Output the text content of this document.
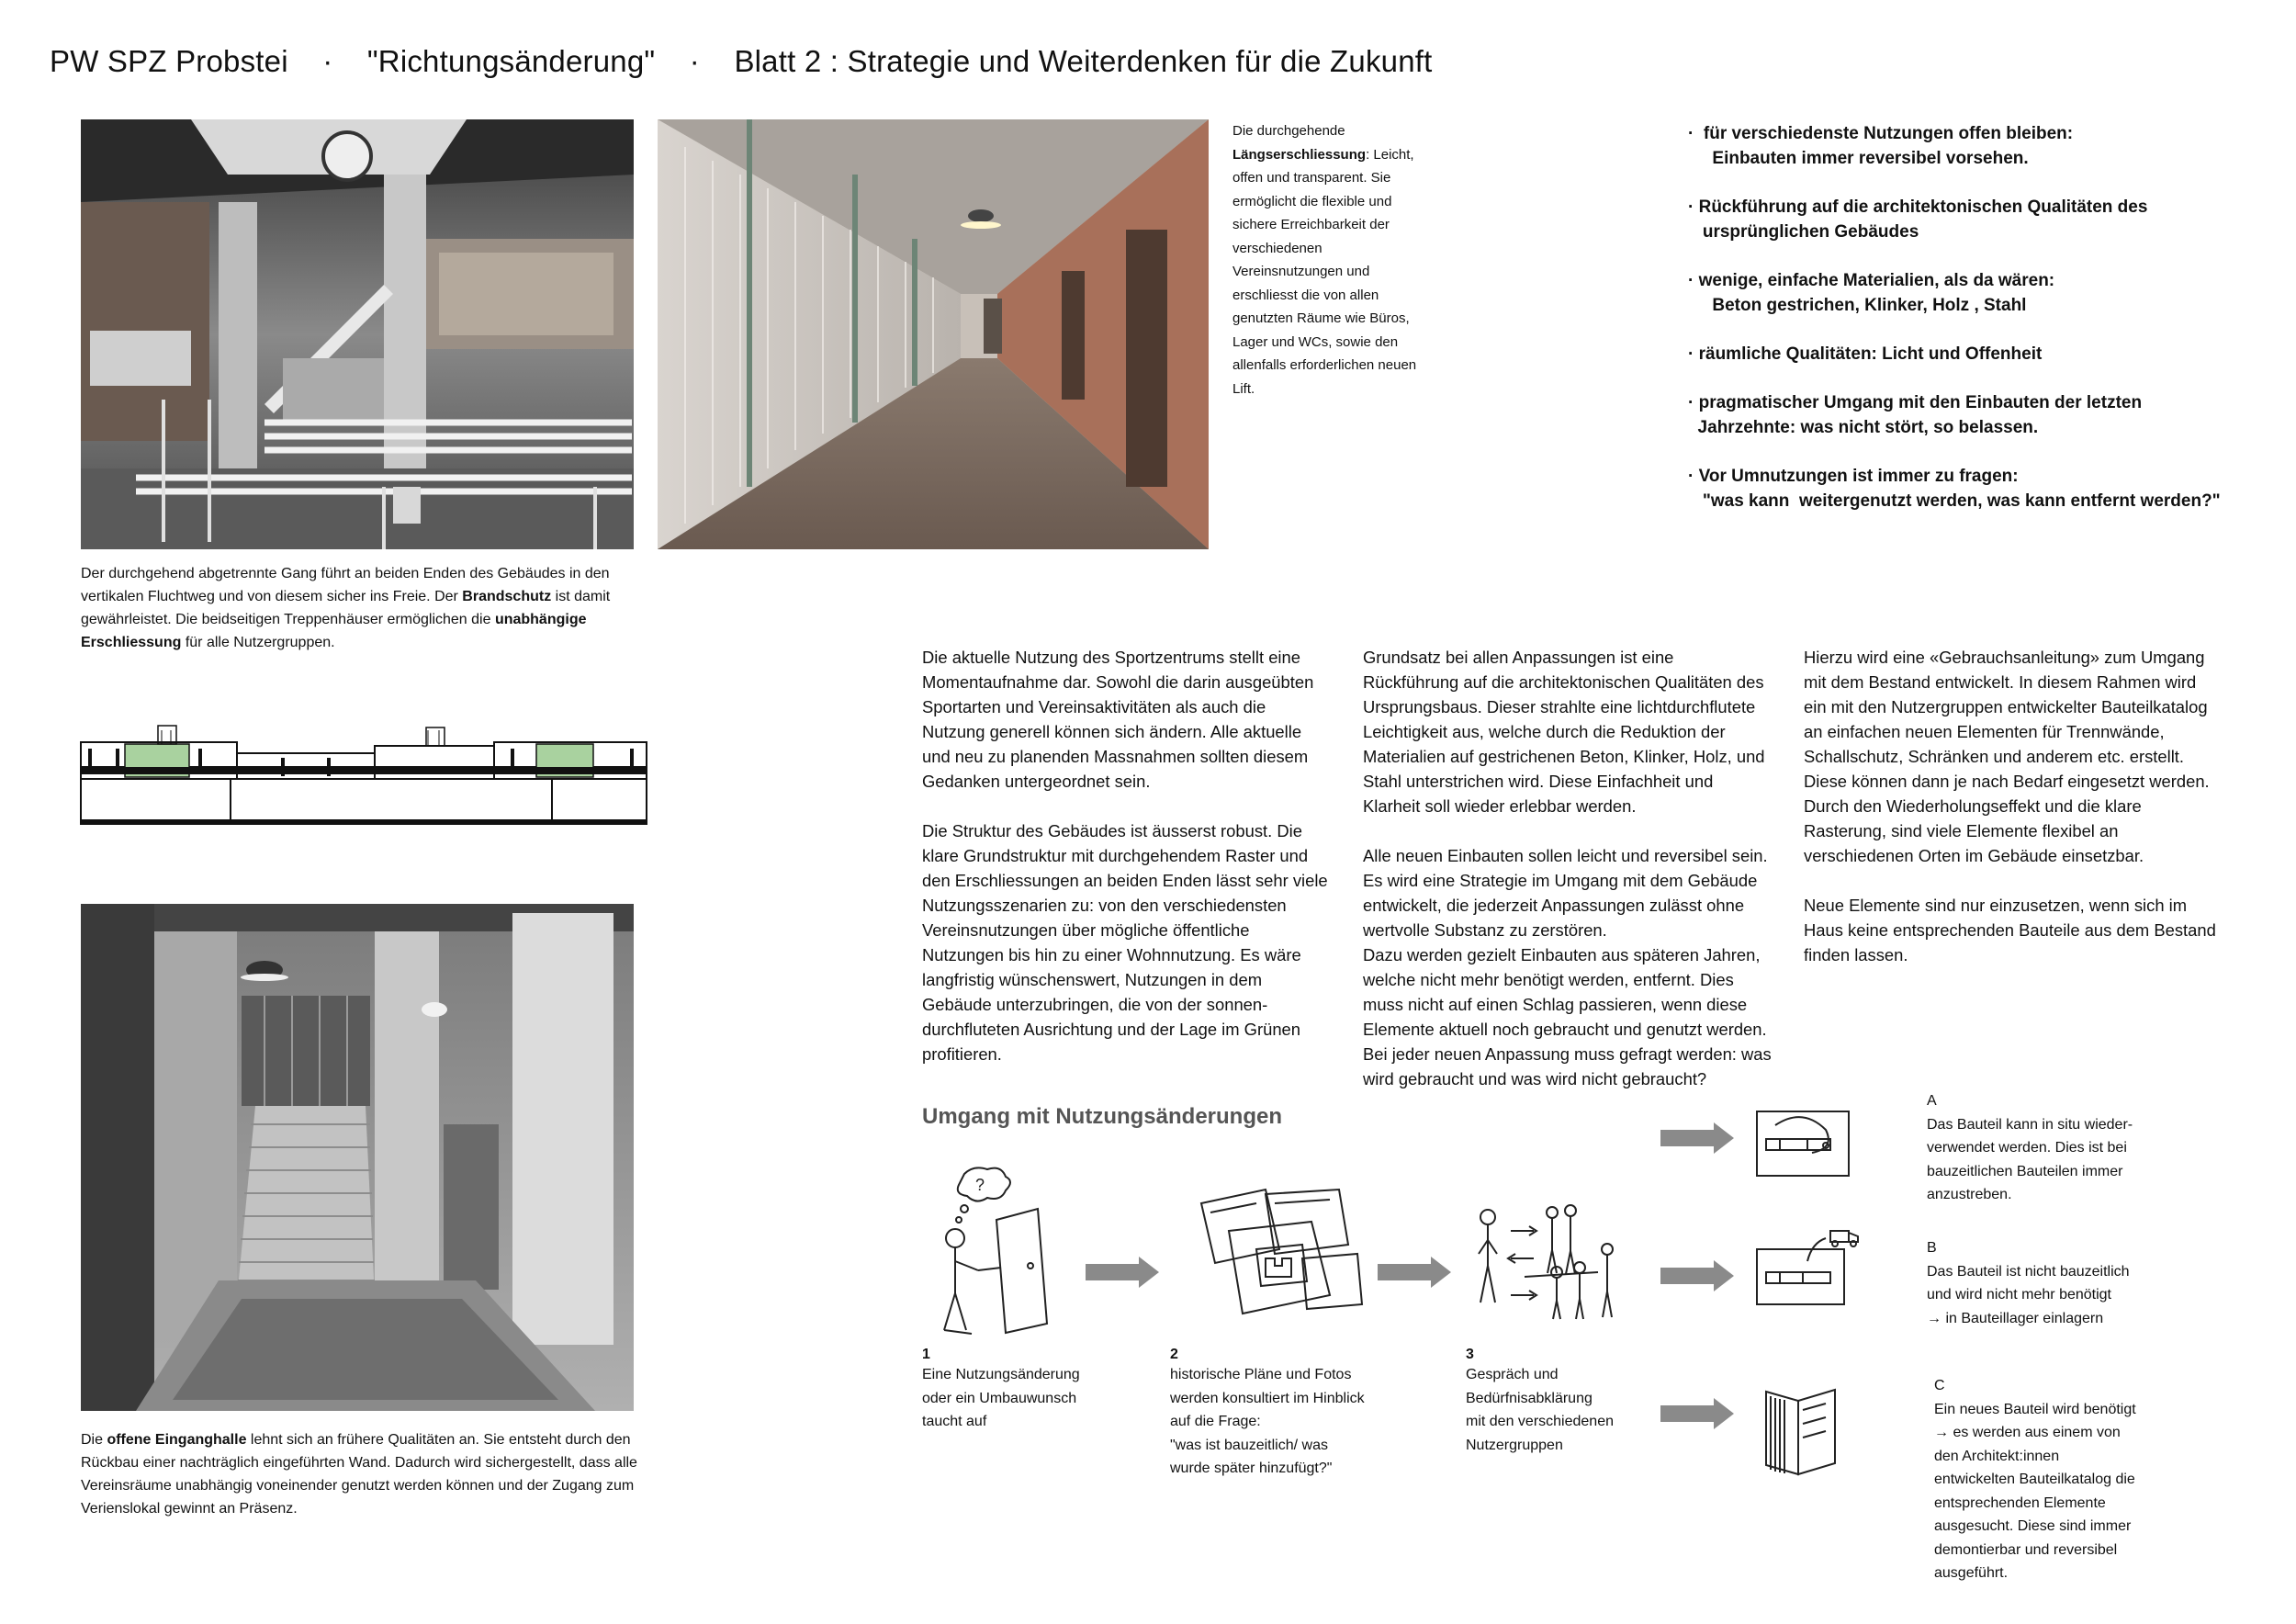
PW SPZ Probstei    ·    "Richtungsänderung"    ·    Blatt 2 : Strategie und Weiterdenken für die Zukunft
Der durchgehend abgetrennte Gang führt an beiden Enden des Gebäudes in den vertikalen Fluchtweg und von diesem sicher ins Freie. Der Brandschutz ist damit gewährleistet. Die beidseitigen Treppenhäuser ermöglichen die unabhängige Erschliessung für alle Nutzergruppen.
Die durchgehende Längserschliessung: Leicht, offen und transparent. Sie ermöglicht die flexible und sichere Erreichbarkeit der verschiedenen Vereinsnutzungen und erschliesst die von allen genutzten Räume wie Büros, Lager und WCs, sowie den allenfalls erforderlichen neuen Lift.
·  für verschiedenste Nutzungen offen bleiben:
Einbauten immer reversibel vorsehen.
· Rückführung auf die architektonischen Qualitäten des
ursprünglichen Gebäudes
· wenige, einfache Materialien, als da wären:
Beton gestrichen, Klinker, Holz , Stahl
· räumliche Qualitäten: Licht und Offenheit
· pragmatischer Umgang mit den Einbauten der letzten
Jahrzehnte: was nicht stört, so belassen.
· Vor Umnutzungen ist immer zu fragen:
"was kann  weitergenutzt werden, was kann entfernt werden?"
Die offene Einganghalle lehnt sich an frühere Qualitäten an. Sie entsteht durch den Rückbau einer nachträglich eingeführten Wand. Dadurch wird sichergestellt, dass alle Vereinsräume unabhängig voneinender genutzt werden können und der Zugang zum Verienslokal gewinnt an Präsenz.
Die aktuelle Nutzung des Sportzentrums stellt eine
Momentaufnahme dar. Sowohl die darin ausgeübten
Sportarten und Vereinsaktivitäten als auch die
Nutzung generell können sich ändern. Alle aktuelle
und neu zu planenden Massnahmen sollten diesem
Gedanken untergeordnet sein.

Die Struktur des Gebäudes ist äusserst robust. Die
klare Grundstruktur mit durchgehendem Raster und
den Erschliessungen an beiden Enden lässt sehr viele
Nutzungsszenarien zu: von den verschiedensten
Vereinsnutzungen über mögliche öffentliche
Nutzungen bis hin zu einer Wohnnutzung. Es wäre
langfristig wünschenswert, Nutzungen in dem
Gebäude unterzubringen, die von der sonnen-
durchfluteten Ausrichtung und der Lage im Grünen
profitieren.
Grundsatz bei allen Anpassungen ist eine
Rückführung auf die architektonischen Qualitäten des
Ursprungsbaus. Dieser strahlte eine lichtdurchflutete
Leichtigkeit aus, welche durch die Reduktion der
Materialien auf gestrichenen Beton, Klinker, Holz, und
Stahl unterstrichen wird. Diese Einfachheit und
Klarheit soll wieder erlebbar werden.

Alle neuen Einbauten sollen leicht und reversibel sein.
Es wird eine Strategie im Umgang mit dem Gebäude
entwickelt, die jederzeit Anpassungen zulässt ohne
wertvolle Substanz zu zerstören.
Dazu werden gezielt Einbauten aus späteren Jahren,
welche nicht mehr benötigt werden, entfernt. Dies
muss nicht auf einen Schlag passieren, wenn diese
Elemente aktuell noch gebraucht und genutzt werden.
Bei jeder neuen Anpassung muss gefragt werden: was
wird gebraucht und was wird nicht gebraucht?
Hierzu wird eine «Gebrauchsanleitung» zum Umgang
mit dem Bestand entwickelt. In diesem Rahmen wird
ein mit den Nutzergruppen entwickelter Bauteilkatalog
an einfachen neuen Elementen für Trennwände,
Schallschutz, Schränken und anderem etc. erstellt.
Diese können dann je nach Bedarf eingesetzt werden.
Durch den Wiederholungseffekt und die klare
Rasterung, sind viele Elemente flexibel an
verschiedenen Orten im Gebäude einsetzbar.

Neue Elemente sind nur einzusetzen, wenn sich im
Haus keine entsprechenden Bauteile aus dem Bestand
finden lassen.
Umgang mit Nutzungsänderungen
?
1
Eine Nutzungsänderung
oder ein Umbauwunsch
taucht auf
2
historische Pläne und Fotos
werden konsultiert im Hinblick
auf die Frage:
"was ist bauzeitlich/ was
wurde später hinzufügt?"
3
Gespräch und
Bedürfnisabklärung
mit den verschiedenen
Nutzergruppen
A
Das Bauteil kann in situ wieder-
verwendet werden. Dies ist bei
bauzeitlichen Bauteilen immer
anzustreben.
B
Das Bauteil ist nicht bauzeitlich
und wird nicht mehr benötigt
→ in Bauteillager einlagern
C
Ein neues Bauteil wird benötigt
→ es werden aus einem von
den Architekt:innen
entwickelten Bauteilkatalog die
entsprechenden Elemente
ausgesucht. Diese sind immer
demontierbar und reversibel
ausgeführt.
